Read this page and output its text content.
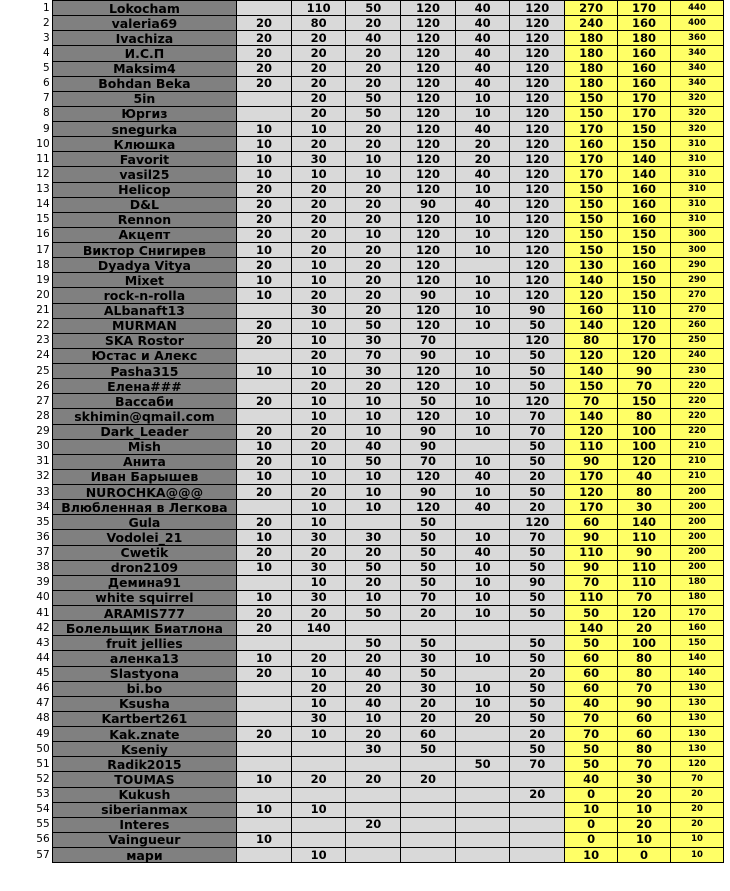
1	Lokocham		110	50	120	40	120	270	170	440
2	valeria69	20	80	20	120	40	120	240	160	400
3	Ivachiza	20	20	40	120	40	120	180	180	360
4	И.С.П	20	20	20	120	40	120	180	160	340
5	Maksim4	20	20	20	120	40	120	180	160	340
6	Bohdan Beka	20	20	20	120	40	120	180	160	340
7	5in		20	50	120	10	120	150	170	320
8	Юргиз		20	50	120	10	120	150	170	320
9	snegurka	10	10	20	120	40	120	170	150	320
10	Клюшка	10	20	20	120	20	120	160	150	310
11	Favorit	10	30	10	120	20	120	170	140	310
12	vasil25	10	10	10	120	40	120	170	140	310
13	Helicop	20	20	20	120	10	120	150	160	310
14	D&L	20	20	20	90	40	120	150	160	310
15	Rennon	20	20	20	120	10	120	150	160	310
16	Акцепт	20	20	10	120	10	120	150	150	300
17	Виктор Снигирев	10	20	20	120	10	120	150	150	300
18	Dyadya Vitya	20	10	20	120		120	130	160	290
19	Mixet	10	10	20	120	10	120	140	150	290
20	rock-n-rolla	10	20	20	90	10	120	120	150	270
21	ALbanaft13		30	20	120	10	90	160	110	270
22	MURMAN	20	10	50	120	10	50	140	120	260
23	SKA Rostor	20	10	30	70		120	80	170	250
24	Юстас и Алекс		20	70	90	10	50	120	120	240
25	Pasha315	10	10	30	120	10	50	140	90	230
26	Елена###		20	20	120	10	50	150	70	220
27	Вассаби	20	10	10	50	10	120	70	150	220
28	skhimin@qmail.com		10	10	120	10	70	140	80	220
29	Dark_Leader	20	20	10	90	10	70	120	100	220
30	Mish	10	20	40	90		50	110	100	210
31	Анита	20	10	50	70	10	50	90	120	210
32	Иван Барышев	10	10	10	120	40	20	170	40	210
33	NUROCHKA@@@	20	20	10	90	10	50	120	80	200
34	Влюбленная в Легкова		10	10	120	40	20	170	30	200
35	Gula	20	10		50		120	60	140	200
36	Vodolei_21	10	30	30	50	10	70	90	110	200
37	Cwetik	20	20	20	50	40	50	110	90	200
38	dron2109	10	30	50	50	10	50	90	110	200
39	Демина91		10	20	50	10	90	70	110	180
40	white squirrel	10	30	10	70	10	50	110	70	180
41	ARAMIS777	20	20	50	20	10	50	50	120	170
42	Болельщик Биатлона	20	140					140	20	160
43	fruit jellies			50	50		50	50	100	150
44	аленка13	10	20	20	30	10	50	60	80	140
45	Slastyona	20	10	40	50		20	60	80	140
46	bi.bo		20	20	30	10	50	60	70	130
47	Ksusha		10	40	20	10	50	40	90	130
48	Kartbert261		30	10	20	20	50	70	60	130
49	Kak.znate	20	10	20	60		20	70	60	130
50	Kseniy			30	50		50	50	80	130
51	Radik2015					50	70	50	70	120
52	TOUMAS	10	20	20	20			40	30	70
53	Kukush						20	0	20	20
54	siberianmax	10	10					10	10	20
55	Interes			20				0	20	20
56	Vaingueur	10						0	10	10
57	мари		10					10	0	10
